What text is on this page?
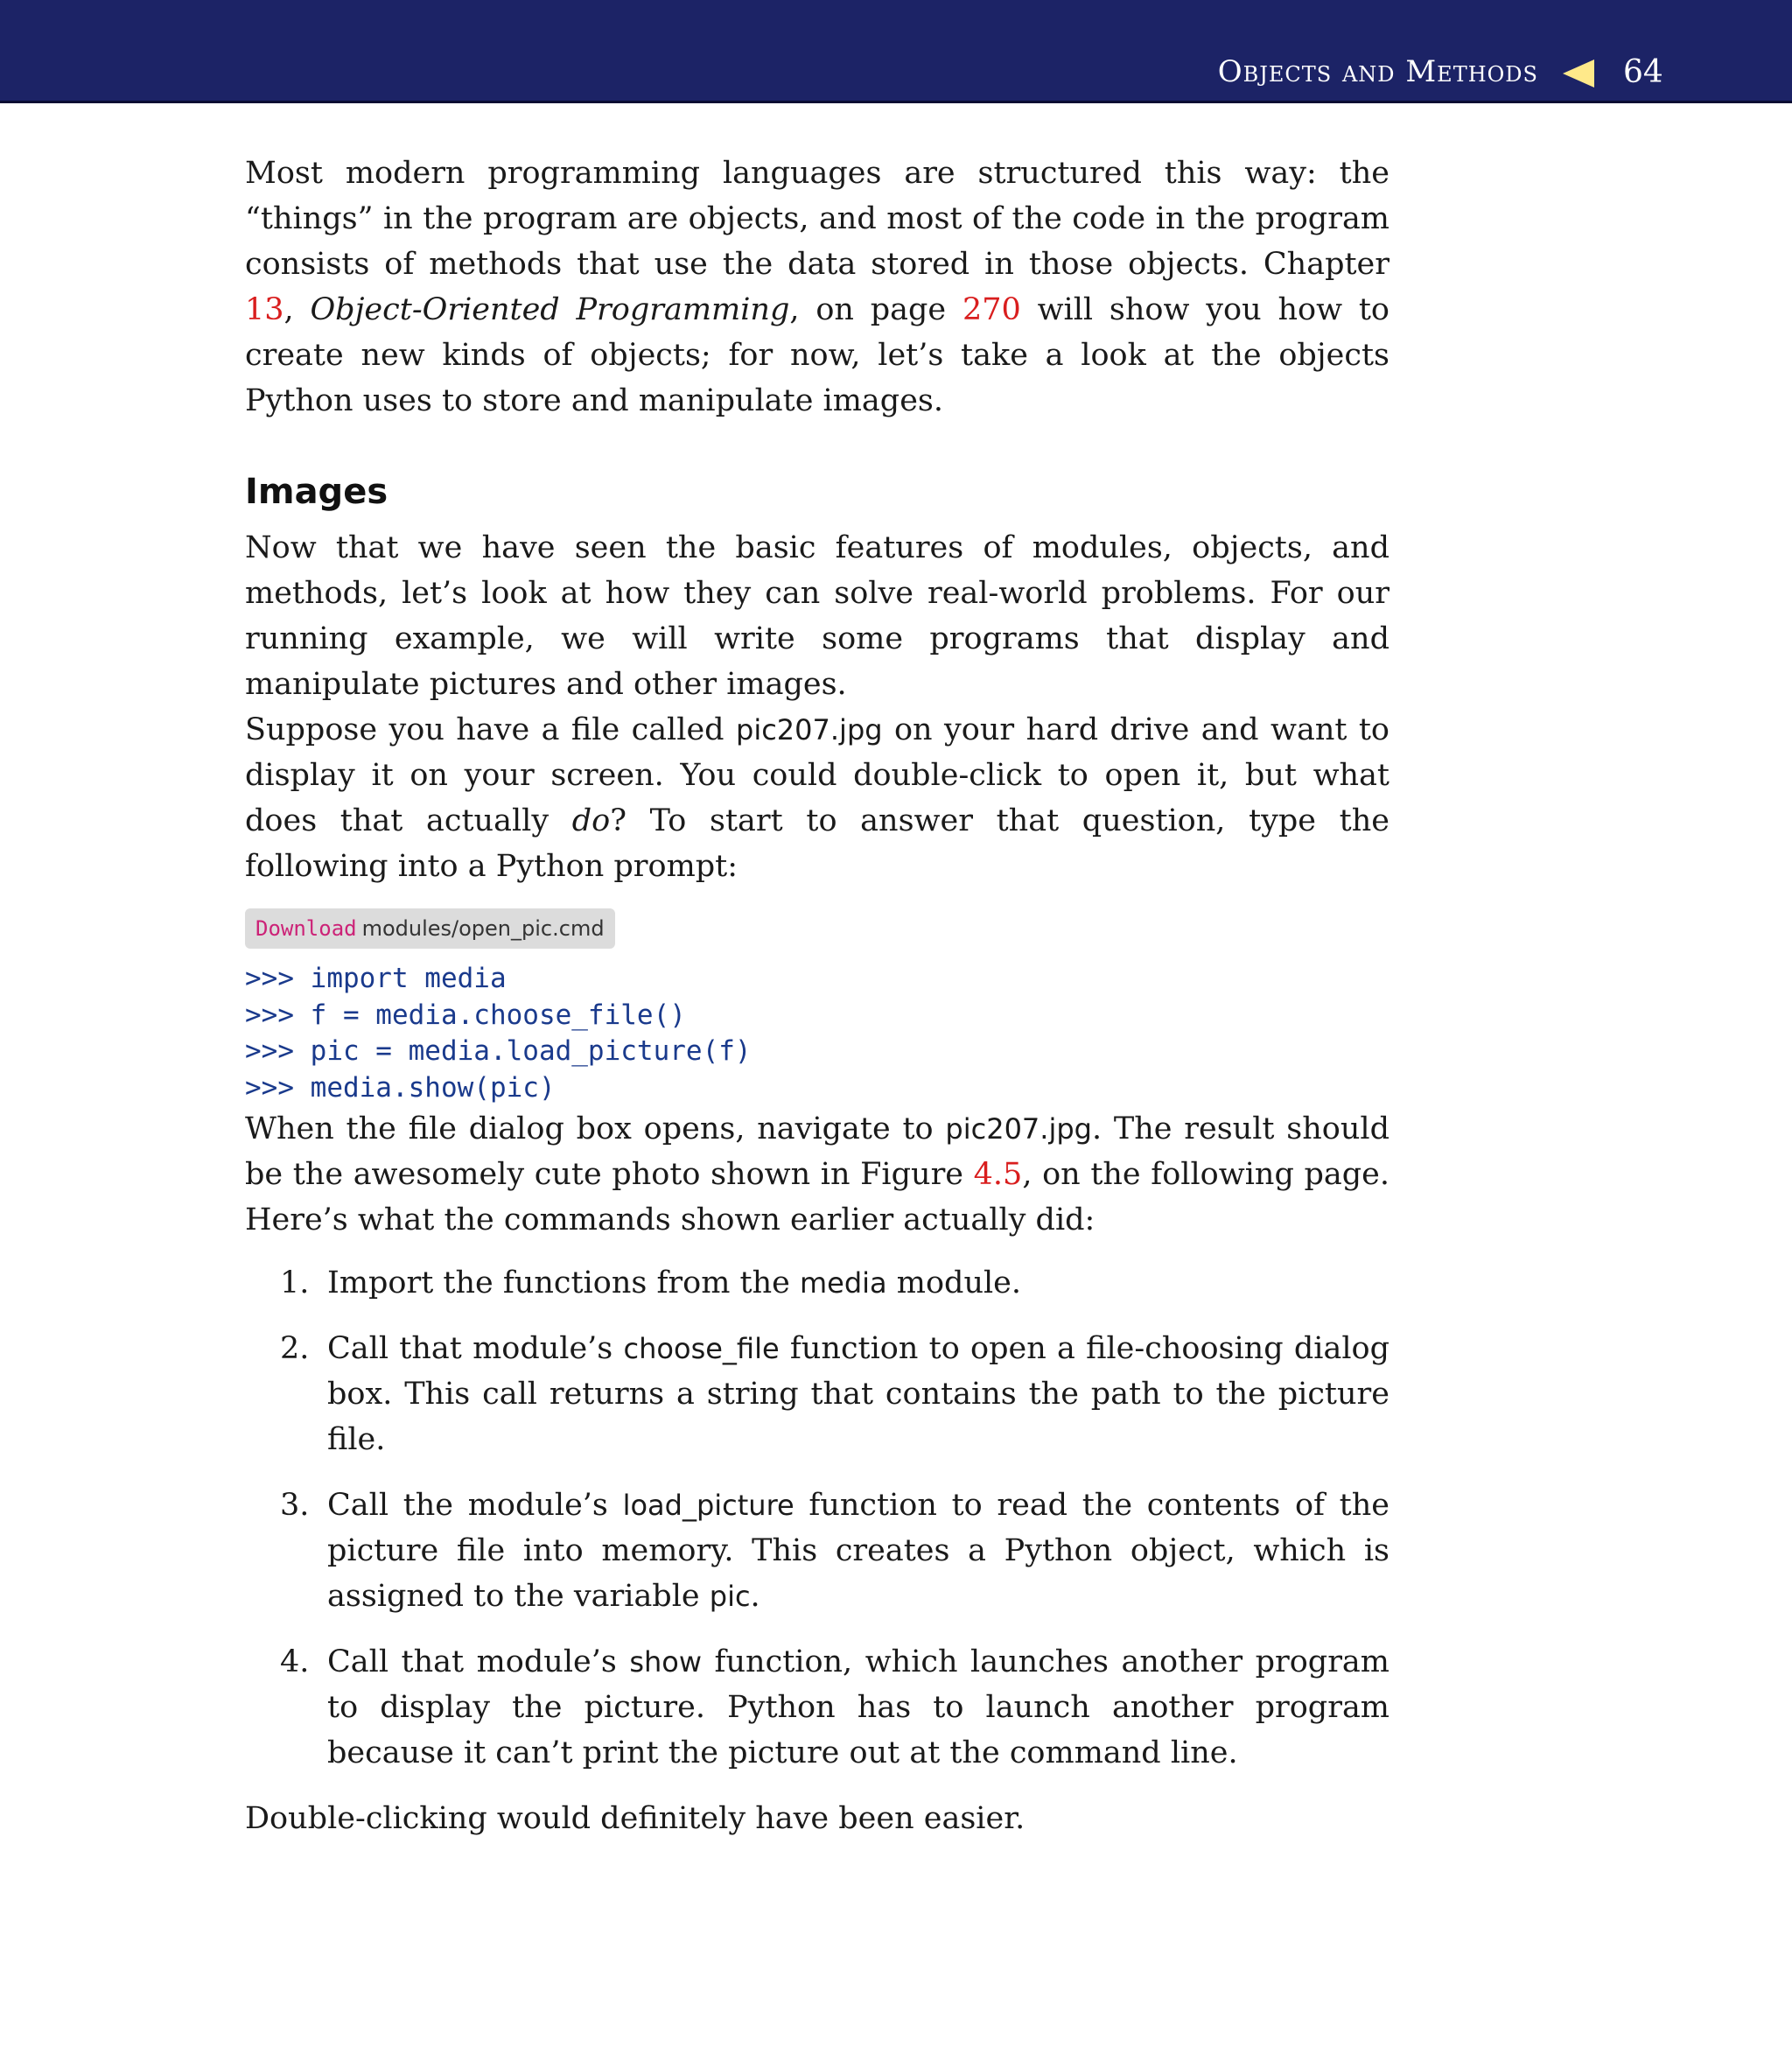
Objects and Methods	64

Most modern programming languages are structured this way: the “things” in the program are objects, and most of the code in the program consists of methods that use the data stored in those objects. Chapter 13, Object-Oriented Programming, on page 270 will show you how to create new kinds of objects; for now, let’s take a look at the objects Python uses to store and manipulate images.

Images

Now that we have seen the basic features of modules, objects, and methods, let’s look at how they can solve real-world problems. For our running example, we will write some programs that display and manipulate pictures and other images.

Suppose you have a file called pic207.jpg on your hard drive and want to display it on your screen. You could double-click to open it, but what does that actually do? To start to answer that question, type the following into a Python prompt:

Download modules/open_pic.cmd
>>> import media
>>> f = media.choose_file()
>>> pic = media.load_picture(f)
>>> media.show(pic)

When the file dialog box opens, navigate to pic207.jpg. The result should be the awesomely cute photo shown in Figure 4.5, on the following page. Here’s what the commands shown earlier actually did:

1. Import the functions from the media module.

2. Call that module’s choose_file function to open a file-choosing dialog box. This call returns a string that contains the path to the picture file.

3. Call the module’s load_picture function to read the contents of the picture file into memory. This creates a Python object, which is assigned to the variable pic.

4. Call that module’s show function, which launches another program to display the picture. Python has to launch another program because it can’t print the picture out at the command line.

Double-clicking would definitely have been easier.
